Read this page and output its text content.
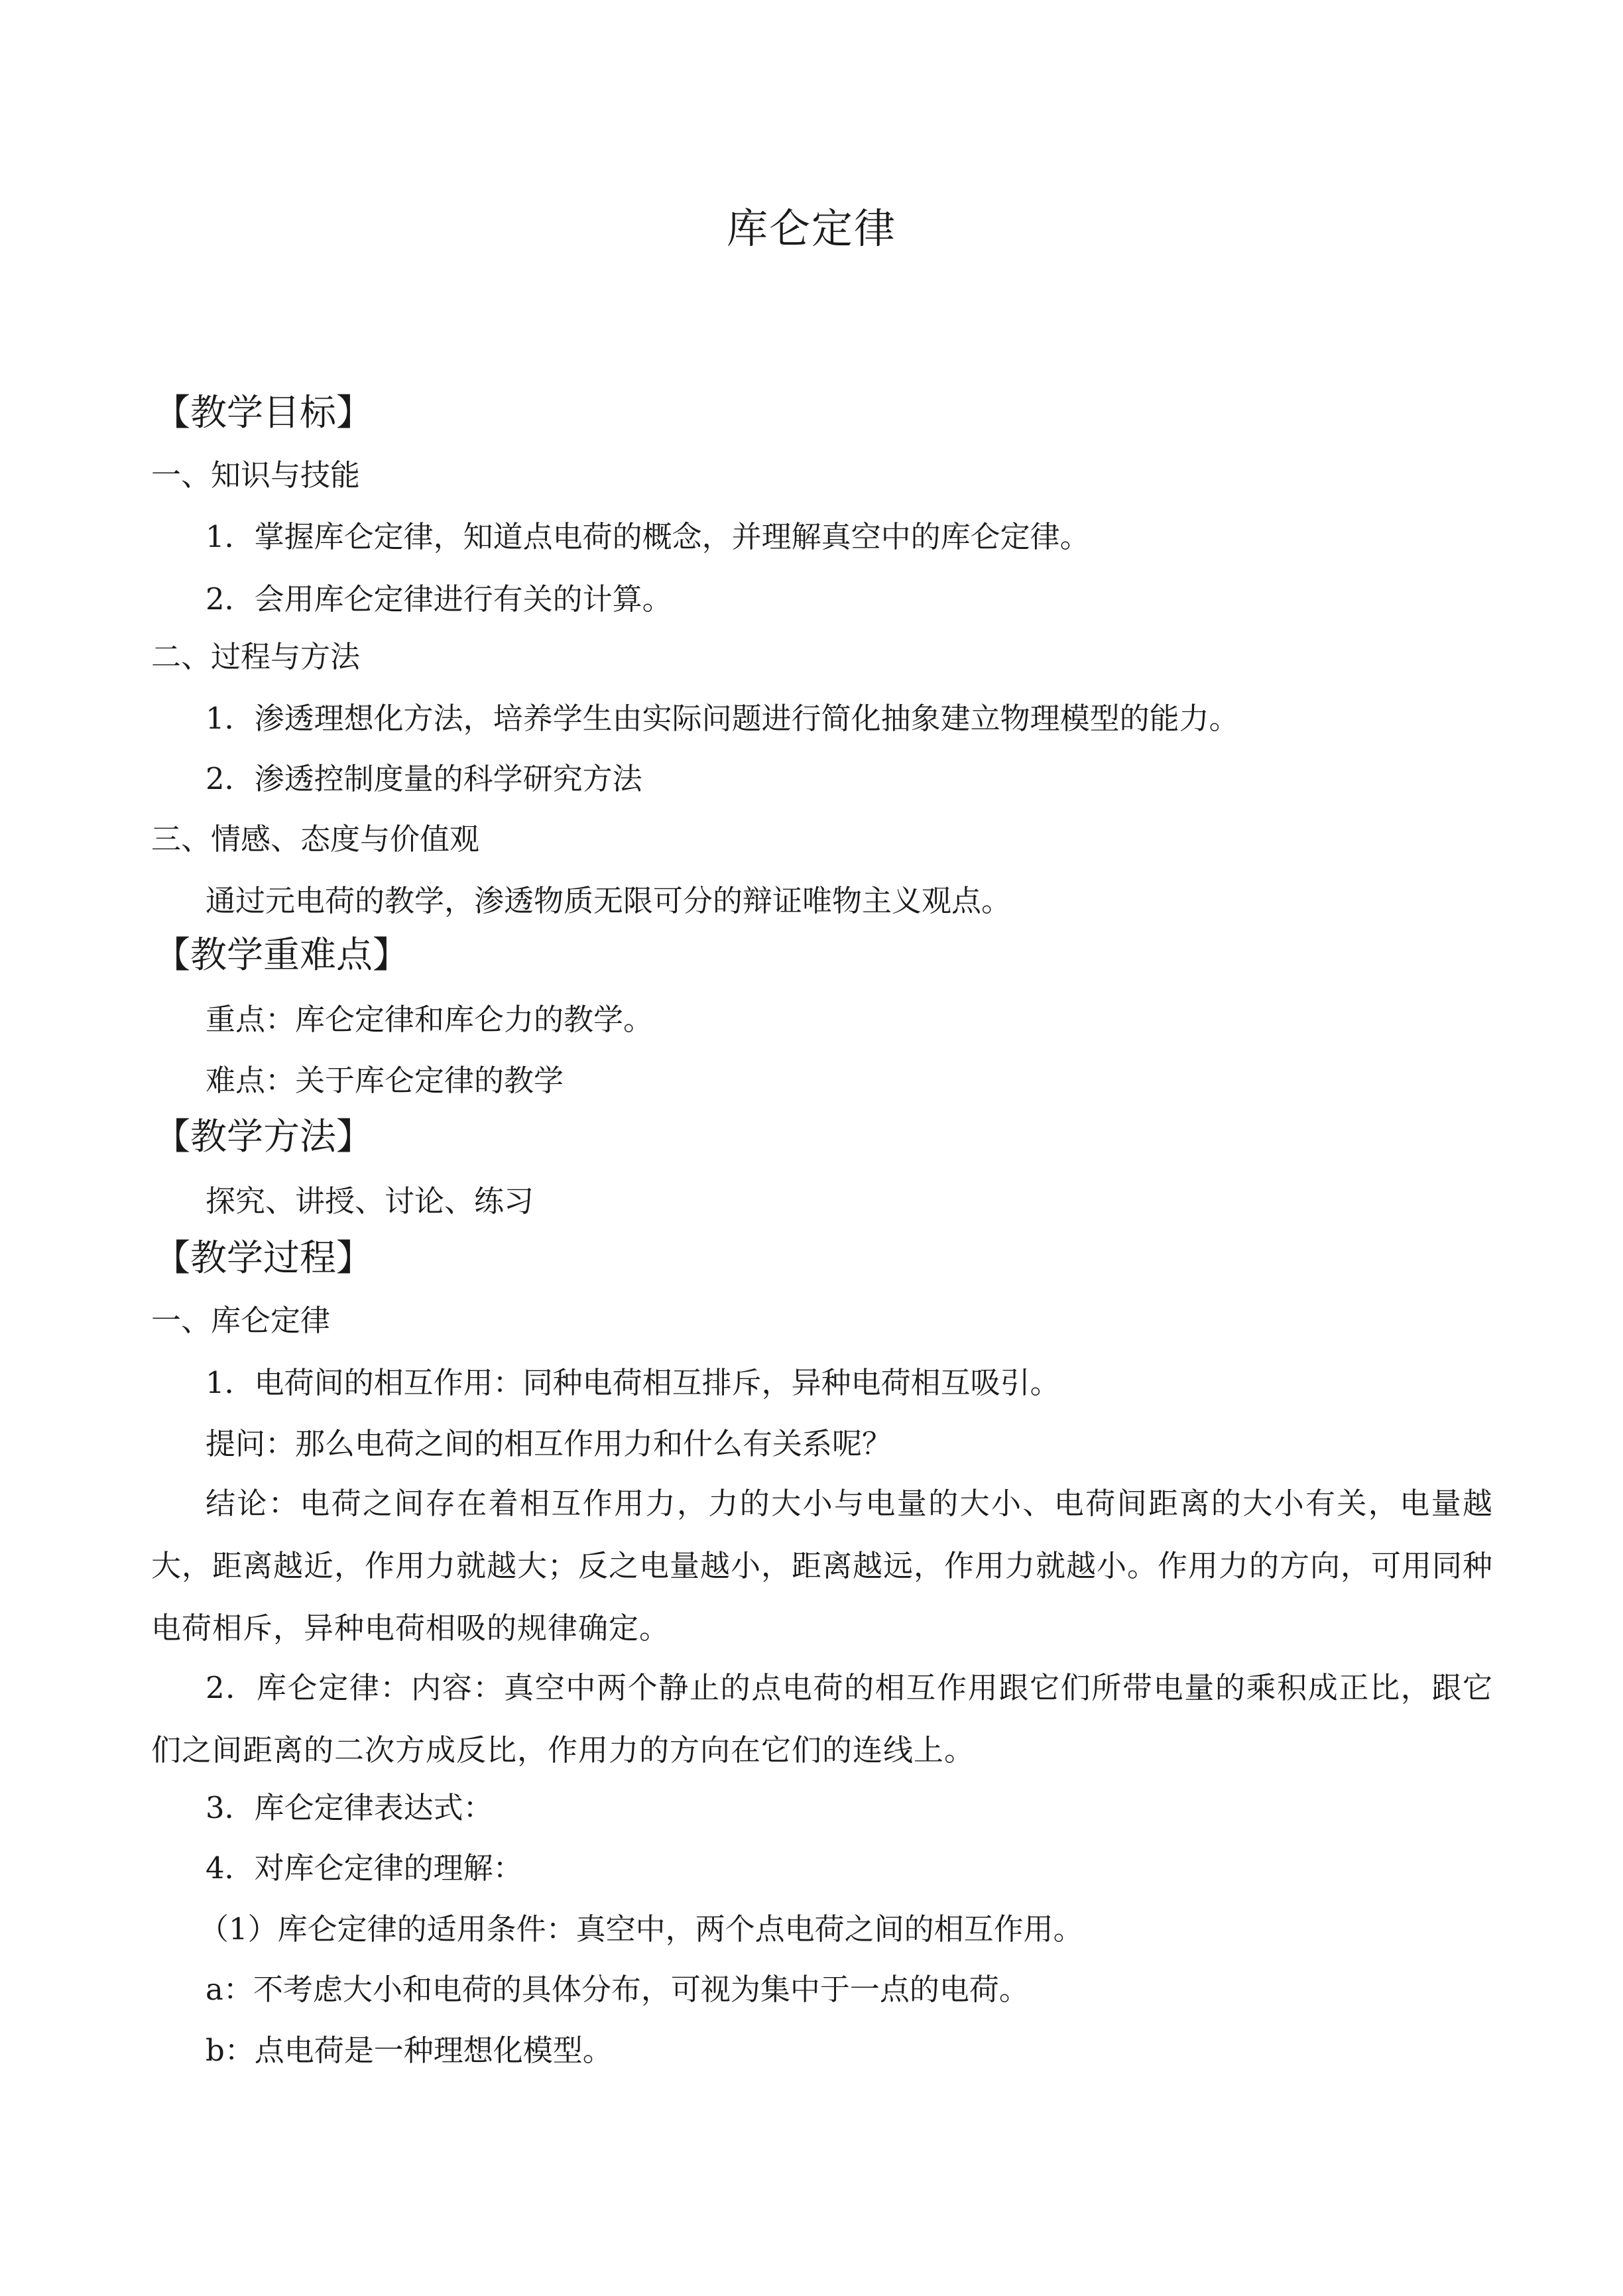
库仑定律
【教学目标】
一、知识与技能
1．掌握库仑定律，知道点电荷的概念，并理解真空中的库仑定律。
2．会用库仑定律进行有关的计算。
二、过程与方法
1．渗透理想化方法，培养学生由实际问题进行简化抽象建立物理模型的能力。
2．渗透控制度量的科学研究方法
三、情感、态度与价值观
通过元电荷的教学，渗透物质无限可分的辩证唯物主义观点。
【教学重难点】
重点：库仑定律和库仑力的教学。
难点：关于库仑定律的教学
【教学方法】
探究、讲授、讨论、练习
【教学过程】
一、库仑定律
1．电荷间的相互作用：同种电荷相互排斥，异种电荷相互吸引。
提问：那么电荷之间的相互作用力和什么有关系呢？
结论：电荷之间存在着相互作用力，力的大小与电量的大小、电荷间距离的大小有关，电量越大，距离越近，作用力就越大；反之电量越小，距离越远，作用力就越小。作用力的方向，可用同种电荷相斥，异种电荷相吸的规律确定。
2．库仑定律：内容：真空中两个静止的点电荷的相互作用跟它们所带电量的乘积成正比，跟它们之间距离的二次方成反比，作用力的方向在它们的连线上。
3．库仑定律表达式：
4．对库仑定律的理解：
（1）库仑定律的适用条件：真空中，两个点电荷之间的相互作用。
a：不考虑大小和电荷的具体分布，可视为集中于一点的电荷。
b：点电荷是一种理想化模型。
